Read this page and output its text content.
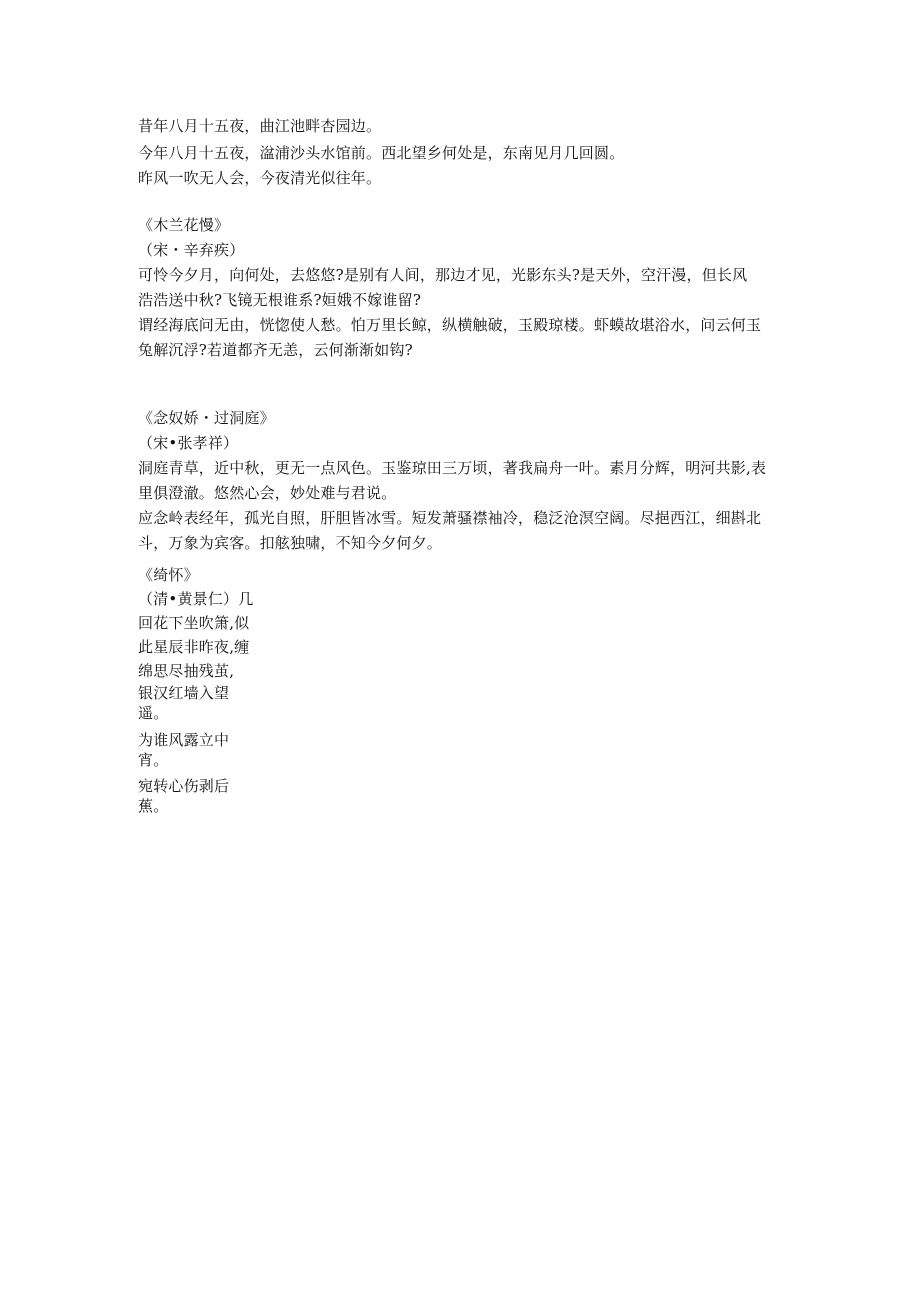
昔年八月十五夜，曲江池畔杏园边。
今年八月十五夜，湓浦沙头水馆前。西北望乡何处是，东南见月几回圆。
昨风一吹无人会，今夜清光似往年。
《木兰花慢》
（宋・辛弃疾）
可怜今夕月，向何处，去悠悠?是别有人间，那边才见，光影东头?是天外，空汗漫，但长风
浩浩送中秋?飞镜无根谁系?姮娥不嫁谁留?
谓经海底问无由，恍惚使人愁。怕万里长鲸，纵横触破，玉殿琼楼。虾蟆故堪浴水，问云何玉
兔解沉浮?若道都齐无恙，云何渐渐如钩?
《念奴娇・过洞庭》
（宋•张孝祥）
洞庭青草，近中秋，更无一点风色。玉鉴琼田三万顷，著我扁舟一叶。素月分辉，明河共影,表
里俱澄澈。悠然心会，妙处难与君说。
应念岭表经年，孤光自照，肝胆皆冰雪。短发萧骚襟袖冷，稳泛沧溟空阔。尽挹西江，细斟北
斗，万象为宾客。扣舷独啸，不知今夕何夕。
《绮怀》
（清•黄景仁）几
回花下坐吹箫,似
此星辰非昨夜,缠
绵思尽抽残茧,
银汉红墙入望
遥。
为谁风露立中
宵。
宛转心伤剥后
蕉。
